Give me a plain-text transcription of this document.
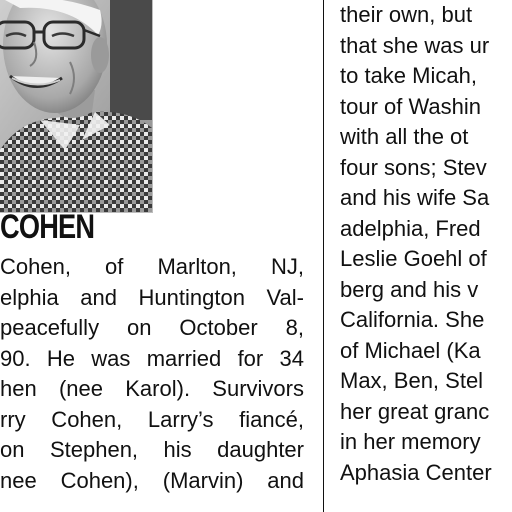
COHEN
Cohen, of Marlton, NJ,
elphia and Huntington Val-
peacefully on October 8,
90. He was married for 34
hen (nee Karol). Survivors
rry Cohen, Larry’s fiancé,
on Stephen, his daughter
nee Cohen), (Marvin) and
their own, but
that she was ur
to take Micah,
tour of Washin
with all the ot
four sons; Stev
and his wife Sa
adelphia, Fred
Leslie Goehl of
berg and his v
California. She
of Michael (Ka
Max, Ben, Stel
her great granc
in her memory
Aphasia Center
